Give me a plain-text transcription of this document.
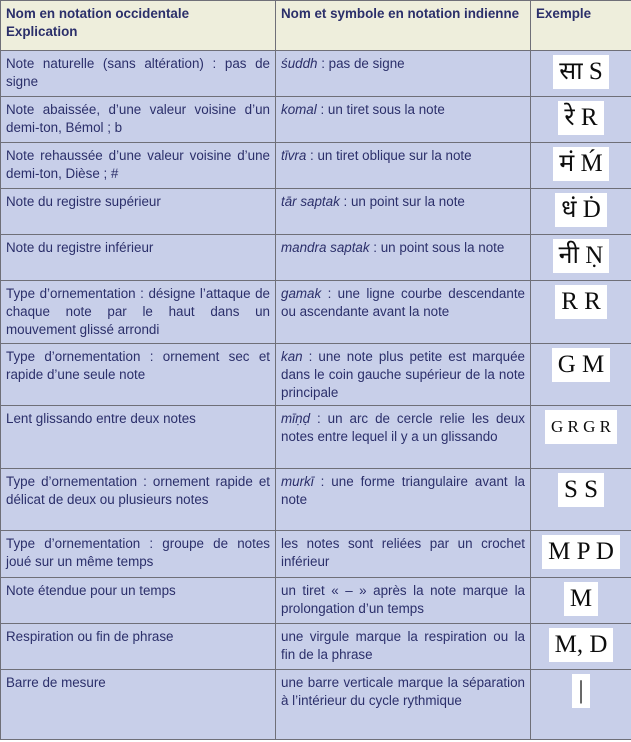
Nom en notation occidentale
Explication	Nom et symbole en notation indienne	Exemple
Note naturelle (sans altération) : pas de signe	śuddh : pas de signe	सा S
Note abaissée, d’une valeur voisine d’un demi-ton, Bémol ; b	komal : un tiret sous la note	रे R
Note rehaussée d’une valeur voisine d’une demi-ton, Dièse ; #	tīvra : un tiret oblique sur la note	मं Ḿ
Note du registre supérieur	tār saptak : un point sur la note	धं Ḋ
Note du registre inférieur	mandra saptak : un point sous la note	नी Ṇ
Type d’ornementation : désigne l’attaque de chaque note par le haut dans un mouvement glissé arrondi	gamak : une ligne courbe descendante ou ascendante avant la note	R R
Type d’ornementation : ornement sec et rapide d’une seule note	kan : une note plus petite est marquée dans le coin gauche supérieur de la note principale	G M
Lent glissando entre deux notes	mīṇḍ : un arc de cercle relie les deux notes entre lequel il y a un glissando	G R G R
Type d’ornementation : ornement rapide et délicat de deux ou plusieurs notes	murkī : une forme triangulaire avant la note	S S
Type d’ornementation : groupe de notes joué sur un même temps	les notes sont reliées par un crochet inférieur	M P D
Note étendue pour un temps	un tiret « – » après la note marque la prolongation d’un temps	M
Respiration ou fin de phrase	une virgule marque la respiration ou la fin de la phrase	M, D
Barre de mesure	une barre verticale marque la séparation à l’intérieur du cycle rythmique	|
